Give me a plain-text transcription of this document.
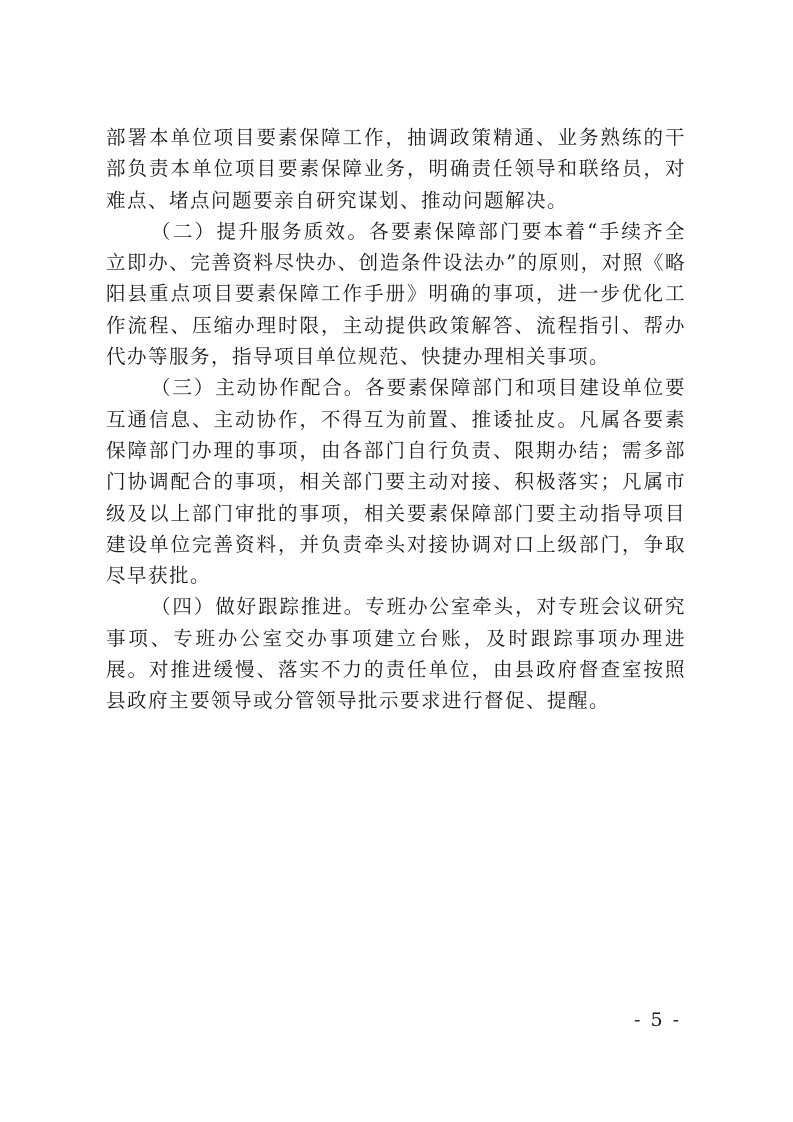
部署本单位项目要素保障工作，抽调政策精通、业务熟练的干部负责本单位项目要素保障业务，明确责任领导和联络员，对难点、堵点问题要亲自研究谋划、推动问题解决。

（二）提升服务质效。各要素保障部门要本着“手续齐全立即办、完善资料尽快办、创造条件设法办”的原则，对照《略阳县重点项目要素保障工作手册》明确的事项，进一步优化工作流程、压缩办理时限，主动提供政策解答、流程指引、帮办代办等服务，指导项目单位规范、快捷办理相关事项。

（三）主动协作配合。各要素保障部门和项目建设单位要互通信息、主动协作，不得互为前置、推诿扯皮。凡属各要素保障部门办理的事项，由各部门自行负责、限期办结；需多部门协调配合的事项，相关部门要主动对接、积极落实；凡属市级及以上部门审批的事项，相关要素保障部门要主动指导项目建设单位完善资料，并负责牵头对接协调对口上级部门，争取尽早获批。

（四）做好跟踪推进。专班办公室牵头，对专班会议研究事项、专班办公室交办事项建立台账，及时跟踪事项办理进展。对推进缓慢、落实不力的责任单位，由县政府督查室按照县政府主要领导或分管领导批示要求进行督促、提醒。

- 5 -
